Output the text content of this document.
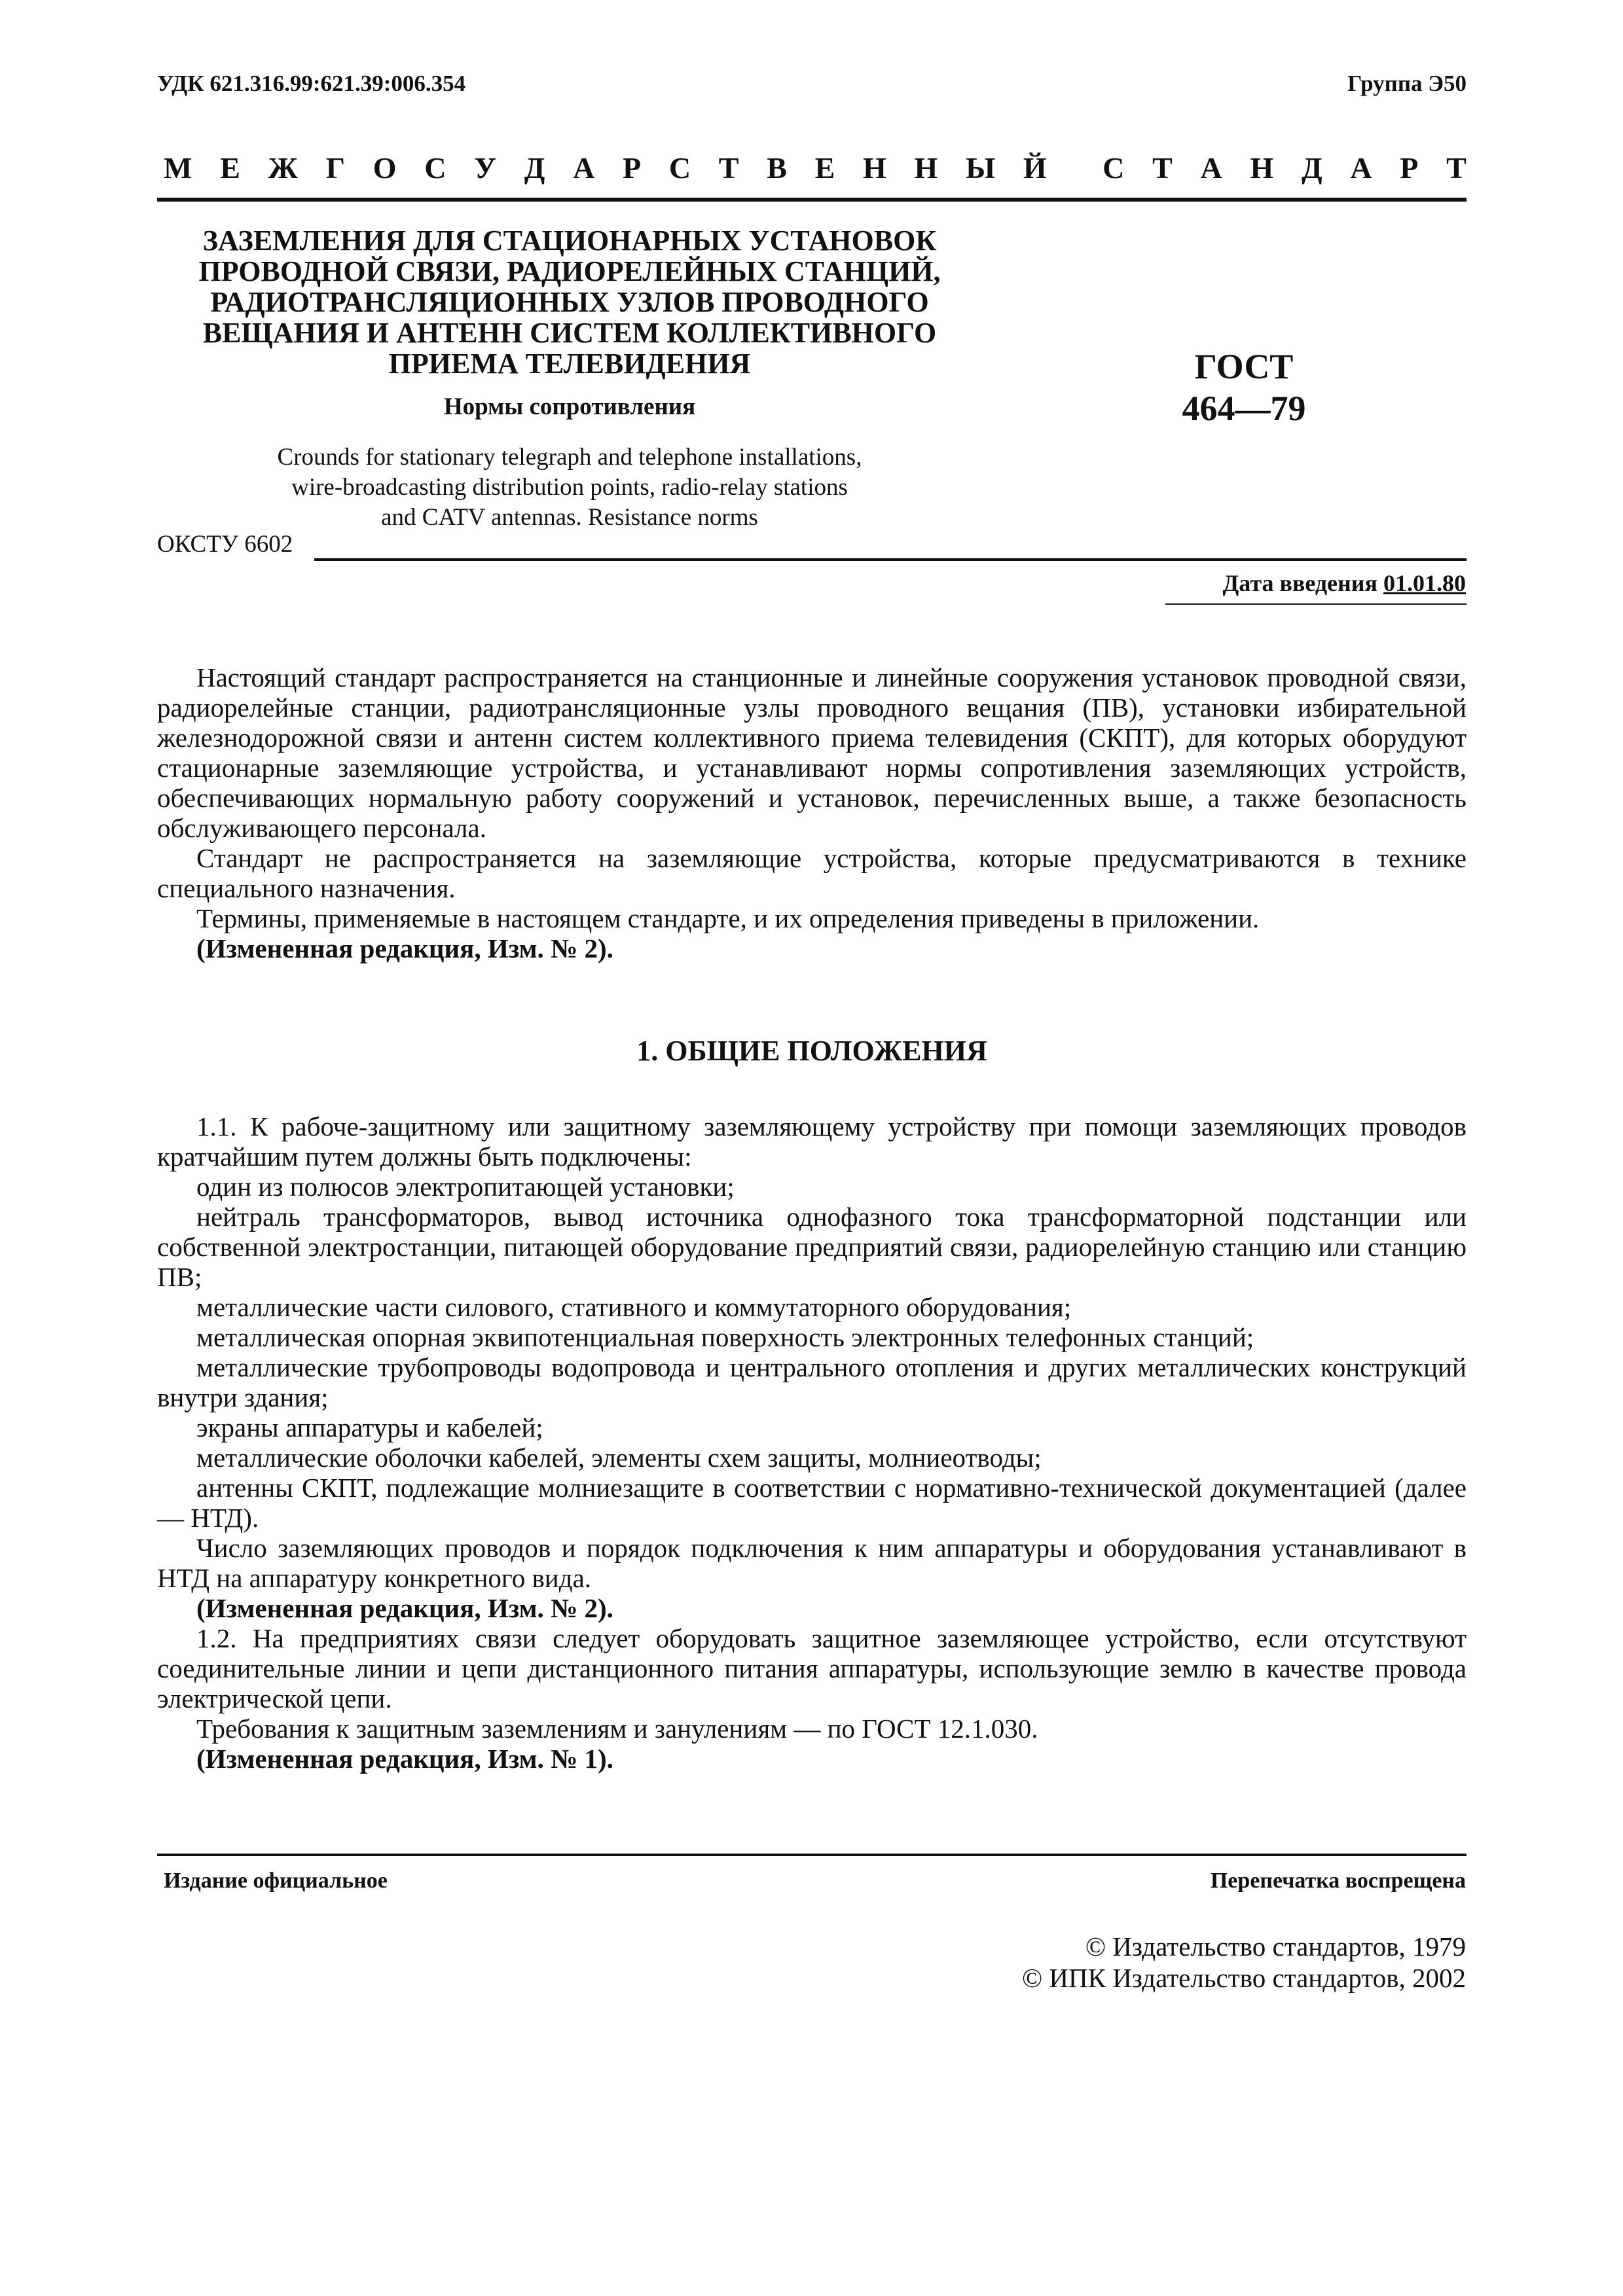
УДК 621.316.99:621.39:006.354	Группа Э50
М Е Ж Г О С У Д А Р С Т В Е Н Н Ы Й С Т А Н Д А Р Т
ЗАЗЕМЛЕНИЯ ДЛЯ СТАЦИОНАРНЫХ УСТАНОВОК
ПРОВОДНОЙ СВЯЗИ, РАДИОРЕЛЕЙНЫХ СТАНЦИЙ,
РАДИОТРАНСЛЯЦИОННЫХ УЗЛОВ ПРОВОДНОГО
ВЕЩАНИЯ И АНТЕНН СИСТЕМ КОЛЛЕКТИВНОГО
ПРИЕМА ТЕЛЕВИДЕНИЯ
Нормы сопротивления
Crounds for stationary telegraph and telephone installations,
wire-broadcasting distribution points, radio-relay stations
and CATV antennas. Resistance norms
ГОСТ
464—79
ОКСТУ 6602
Дата введения 01.01.80

Настоящий стандарт распространяется на станционные и линейные сооружения установок проводной связи, радиорелейные станции, радиотрансляционные узлы проводного вещания (ПВ), установки избирательной железнодорожной связи и антенн систем коллективного приема телевидения (СКПТ), для которых оборудуют стационарные заземляющие устройства, и устанавливают нормы сопротивления заземляющих устройств, обеспечивающих нормальную работу сооружений и установок, перечисленных выше, а также безопасность обслуживающего персонала.

Стандарт не распространяется на заземляющие устройства, которые предусматриваются в технике специального назначения.

Термины, применяемые в настоящем стандарте, и их определения приведены в приложении.

(Измененная редакция, Изм. № 2).

1. ОБЩИЕ ПОЛОЖЕНИЯ

1.1. К рабоче-защитному или защитному заземляющему устройству при помощи заземляющих проводов кратчайшим путем должны быть подключены:

один из полюсов электропитающей установки;

нейтраль трансформаторов, вывод источника однофазного тока трансформаторной подстанции или собственной электростанции, питающей оборудование предприятий связи, радиорелейную станцию или станцию ПВ;

металлические части силового, стативного и коммутаторного оборудования;

металлическая опорная эквипотенциальная поверхность электронных телефонных станций;

металлические трубопроводы водопровода и центрального отопления и других металлических конструкций внутри здания;

экраны аппаратуры и кабелей;

металлические оболочки кабелей, элементы схем защиты, молниеотводы;

антенны СКПТ, подлежащие молниезащите в соответствии с нормативно-технической документацией (далее — НТД).

Число заземляющих проводов и порядок подключения к ним аппаратуры и оборудования устанавливают в НТД на аппаратуру конкретного вида.

(Измененная редакция, Изм. № 2).

1.2. На предприятиях связи следует оборудовать защитное заземляющее устройство, если отсутствуют соединительные линии и цепи дистанционного питания аппаратуры, использующие землю в качестве провода электрической цепи.

Требования к защитным заземлениям и занулениям — по ГОСТ 12.1.030.

(Измененная редакция, Изм. № 1).

Издание официальное	Перепечатка воспрещена
© Издательство стандартов, 1979
© ИПК Издательство стандартов, 2002
